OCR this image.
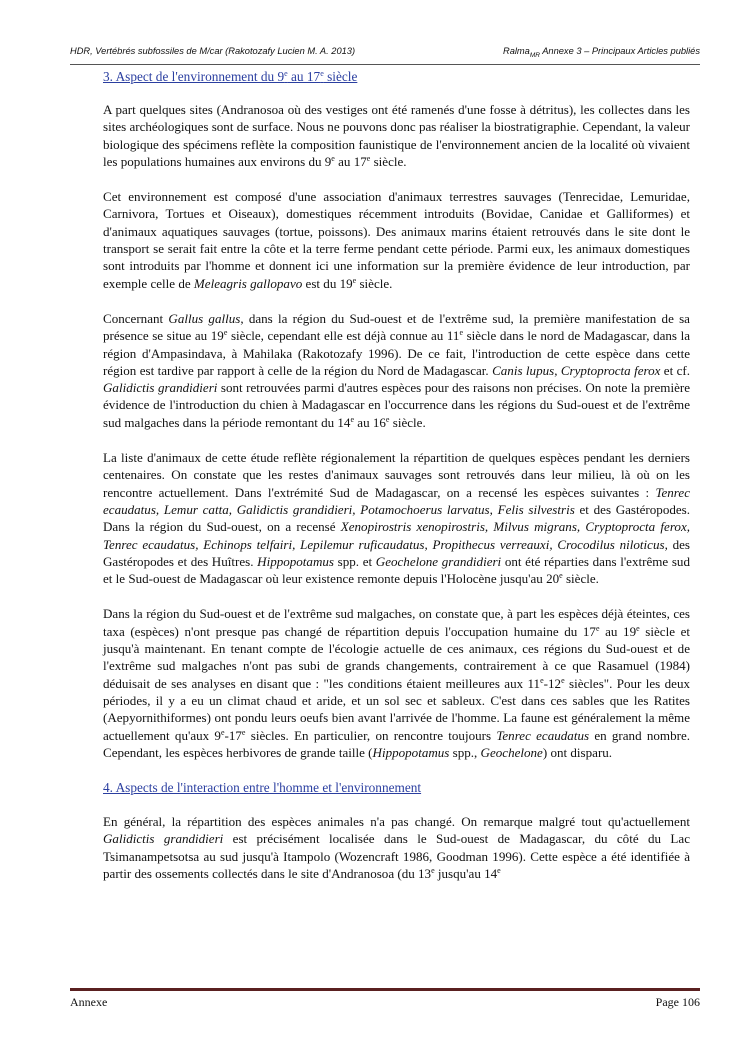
HDR, Vertébrés subfossiles de M/car (Rakotozafy Lucien M. A. 2013)	Ralma$_{MR}$ Annexe 3 – Principaux Articles publiés
3. Aspect de l'environnement du 9e au 17e siècle

A part quelques sites (Andranosoa où des vestiges ont été ramenés d'une fosse à détritus), les collectes dans les sites archéologiques sont de surface. Nous ne pouvons donc pas réaliser la biostratigraphie. Cependant, la valeur biologique des spécimens reflète la composition faunistique de l'environnement ancien de la localité où vivaient les populations humaines aux environs du 9e au 17e siècle.

Cet environnement est composé d'une association d'animaux terrestres sauvages (Tenrecidae, Lemuridae, Carnivora, Tortues et Oiseaux), domestiques récemment introduits (Bovidae, Canidae et Galliformes) et d'animaux aquatiques sauvages (tortue, poissons). Des animaux marins étaient retrouvés dans le site dont le transport se serait fait entre la côte et la terre ferme pendant cette période. Parmi eux, les animaux domestiques sont introduits par l'homme et donnent ici une information sur la première évidence de leur introduction, par exemple celle de Meleagris gallopavo est du 19e siècle.

Concernant Gallus gallus, dans la région du Sud-ouest et de l'extrême sud, la première manifestation de sa présence se situe au 19e siècle, cependant elle est déjà connue au 11e siècle dans le nord de Madagascar, dans la région d'Ampasindava, à Mahilaka (Rakotozafy 1996). De ce fait, l'introduction de cette espèce dans cette région est tardive par rapport à celle de la région du Nord de Madagascar. Canis lupus, Cryptoprocta ferox et cf. Galidictis grandidieri sont retrouvées parmi d'autres espèces pour des raisons non précises. On note la première évidence de l'introduction du chien à Madagascar en l'occurrence dans les régions du Sud-ouest et de l'extrême sud malgaches dans la période remontant du 14e au 16e siècle.

La liste d'animaux de cette étude reflète régionalement la répartition de quelques espèces pendant les derniers centenaires. On constate que les restes d'animaux sauvages sont retrouvés dans leur milieu, là où on les rencontre actuellement. Dans l'extrémité Sud de Madagascar, on a recensé les espèces suivantes : Tenrec ecaudatus, Lemur catta, Galidictis grandidieri, Potamochoerus larvatus, Felis silvestris et des Gastéropodes. Dans la région du Sud-ouest, on a recensé Xenopirostris xenopirostris, Milvus migrans, Cryptoprocta ferox, Tenrec ecaudatus, Echinops telfairi, Lepilemur ruficaudatus, Propithecus verreauxi, Crocodilus niloticus, des Gastéropodes et des Huîtres. Hippopotamus spp. et Geochelone grandidieri ont été réparties dans l'extrême sud et le Sud-ouest de Madagascar où leur existence remonte depuis l'Holocène jusqu'au 20e siècle.

Dans la région du Sud-ouest et de l'extrême sud malgaches, on constate que, à part les espèces déjà éteintes, ces taxa (espèces) n'ont presque pas changé de répartition depuis l'occupation humaine du 17e au 19e siècle et jusqu'à maintenant. En tenant compte de l'écologie actuelle de ces animaux, ces régions du Sud-ouest et de l'extrême sud malgaches n'ont pas subi de grands changements, contrairement à ce que Rasamuel (1984) déduisait de ses analyses en disant que : "les conditions étaient meilleures aux 11e-12e siècles". Pour les deux périodes, il y a eu un climat chaud et aride, et un sol sec et sableux. C'est dans ces sables que les Ratites (Aepyornithiformes) ont pondu leurs oeufs bien avant l'arrivée de l'homme. La faune est généralement la même actuellement qu'aux 9e-17e siècles. En particulier, on rencontre toujours Tenrec ecaudatus en grand nombre. Cependant, les espèces herbivores de grande taille (Hippopotamus spp., Geochelone) ont disparu.

4. Aspects de l'interaction entre l'homme et l'environnement

En général, la répartition des espèces animales n'a pas changé. On remarque malgré tout qu'actuellement Galidictis grandidieri est précisément localisée dans le Sud-ouest de Madagascar, du côté du Lac Tsimanampetsotsa au sud jusqu'à Itampolo (Wozencraft 1986, Goodman 1996). Cette espèce a été identifiée à partir des ossements collectés dans le site d'Andranosoa (du 13e jusqu'au 14e

Annexe	Page 106
